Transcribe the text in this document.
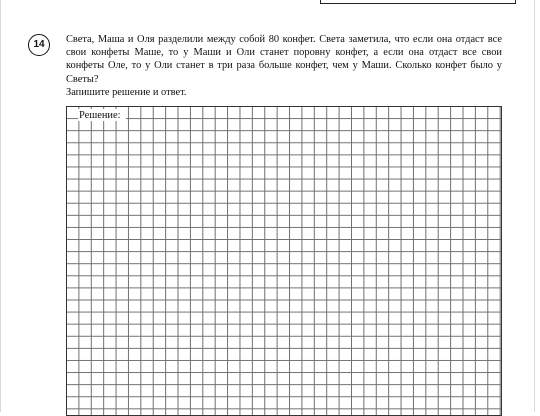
14	Света, Маша и Оля разделили между собой 80 конфет. Света заметила, что если она отдаст все свои конфеты Маше, то у Маши и Оли станет поровну конфет, а если она отдаст все свои конфеты Оле, то у Оли станет в три раза больше конфет, чем у Маши. Сколько конфет было у Светы?

Запишите решение и ответ.

Решение:
